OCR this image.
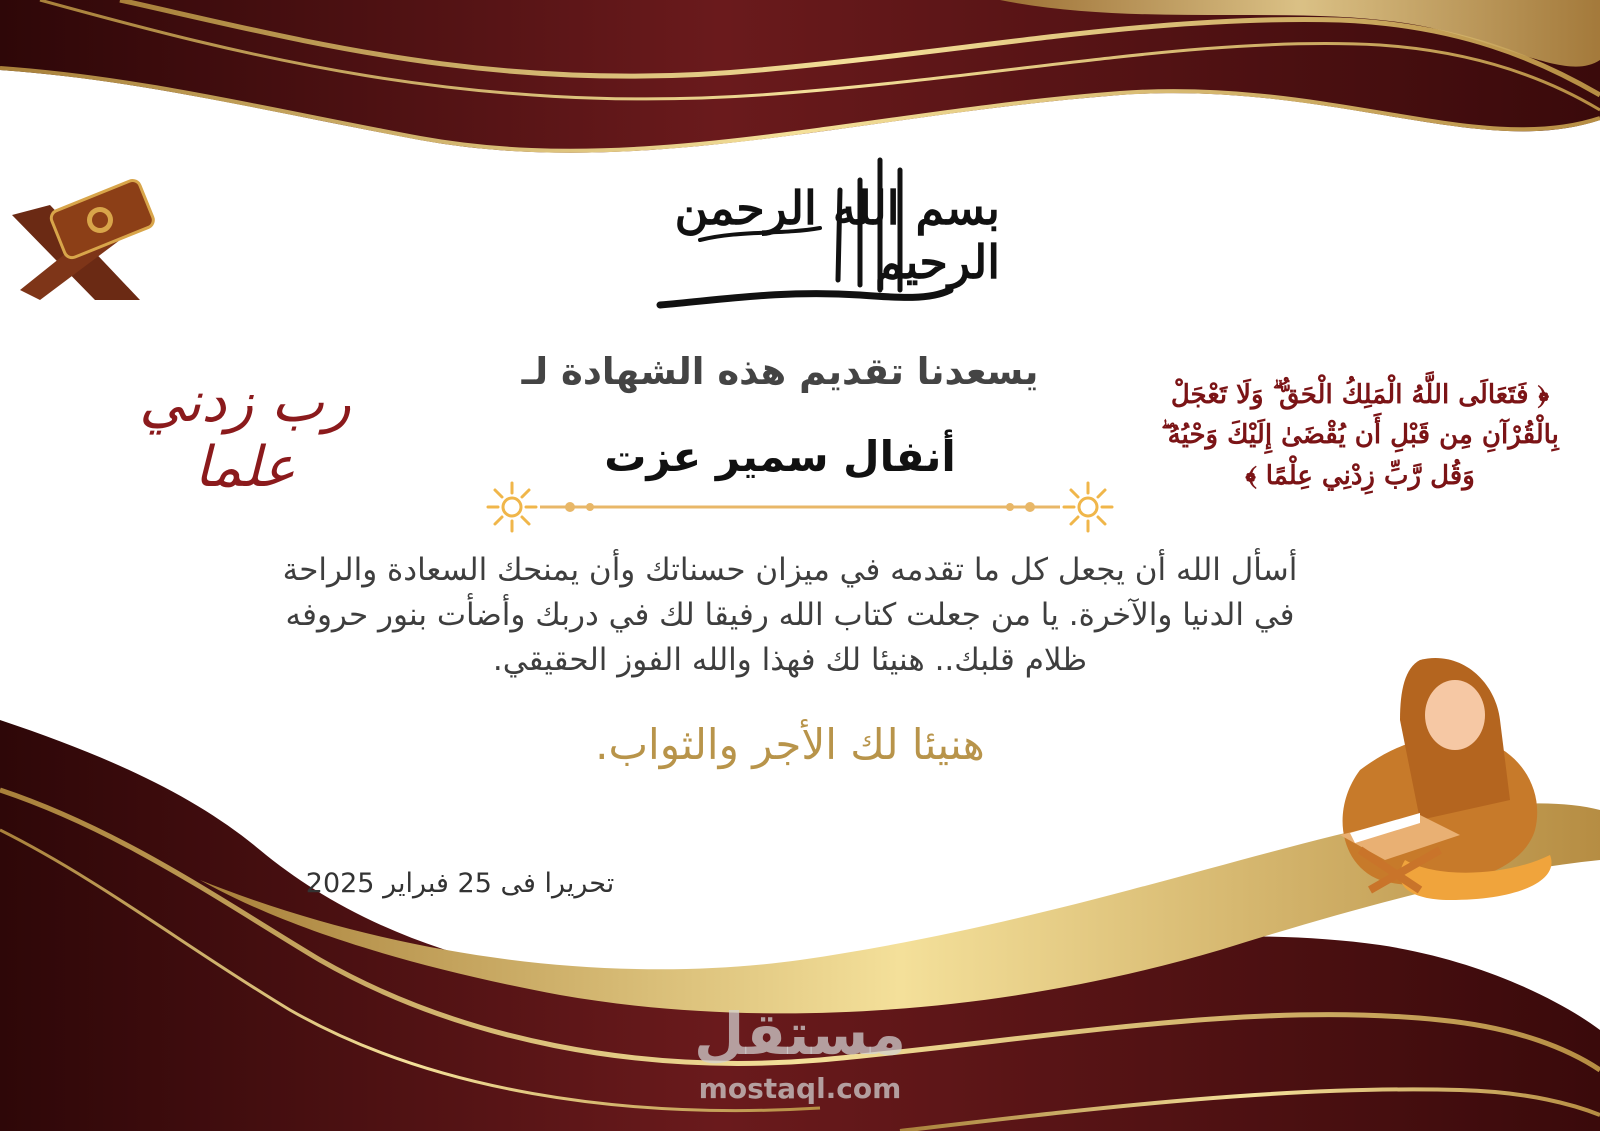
بسم الله الرحمن الرحيم
﴿ فَتَعَالَى اللَّهُ الْمَلِكُ الْحَقُّ ۗ وَلَا تَعْجَلْ بِالْقُرْآنِ مِن قَبْلِ أَن يُقْضَىٰ إِلَيْكَ وَحْيُهُ ۖ وَقُل رَّبِّ زِدْنِي عِلْمًا ﴾
رب زدني علما
يسعدنا تقديم هذه الشهادة لـ
أنفال سمير عزت
أسأل الله أن يجعل كل ما تقدمه في ميزان حسناتك وأن يمنحك السعادة والراحة في الدنيا والآخرة. يا من جعلت كتاب الله رفيقا لك في دربك وأضأت بنور حروفه ظلام قلبك.. هنيئا لك فهذا والله الفوز الحقيقي.
هنيئا لك الأجر والثواب.
تحريرا فى 25 فبراير 2025
مستقل
mostaql.com
